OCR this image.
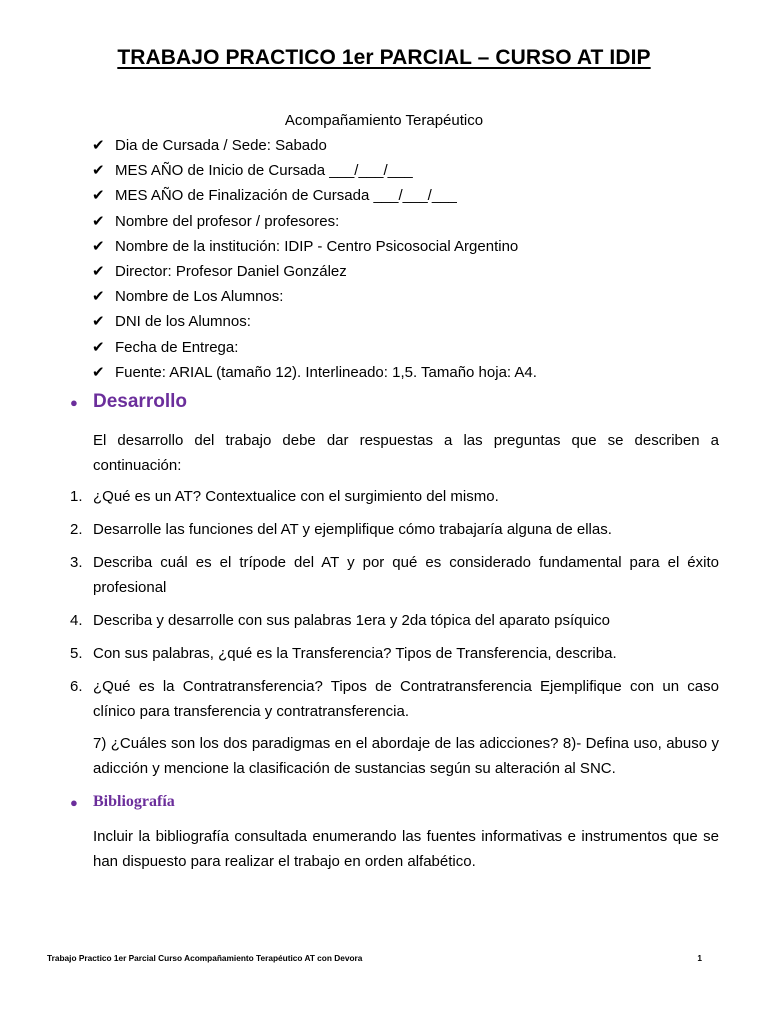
TRABAJO PRACTICO 1er PARCIAL – CURSO AT IDIP
Acompañamiento Terapéutico
✔ Dia de Cursada / Sede: Sabado
✔ MES AÑO de Inicio de Cursada ___/___/___
✔ MES AÑO de Finalización de Cursada ___/___/___
✔ Nombre del profesor / profesores:
✔ Nombre de la institución: IDIP - Centro Psicosocial Argentino
✔ Director: Profesor Daniel González
✔ Nombre de Los Alumnos:
✔ DNI de los Alumnos:
✔ Fecha de Entrega:
✔ Fuente: ARIAL (tamaño 12). Interlineado: 1,5. Tamaño hoja: A4.
● Desarrollo

El desarrollo del trabajo debe dar respuestas a las preguntas que se describen a continuación:

1. ¿Qué es un AT? Contextualice con el surgimiento del mismo.
2. Desarrolle las funciones del AT y ejemplifique cómo trabajaría alguna de ellas.
3. Describa cuál es el trípode del AT y por qué es considerado fundamental para el éxito profesional
4. Describa y desarrolle con sus palabras 1era y 2da tópica del aparato psíquico
5. Con sus palabras, ¿qué es la Transferencia? Tipos de Transferencia, describa.
6. ¿Qué es la Contratransferencia? Tipos de Contratransferencia Ejemplifique con un caso clínico para transferencia y contratransferencia.

7) ¿Cuáles son los dos paradigmas en el abordaje de las adicciones? 8)- Defina uso, abuso y adicción y mencione la clasificación de sustancias según su alteración al SNC.

● Bibliografía

Incluir la bibliografía consultada enumerando las fuentes informativas e instrumentos que se han dispuesto para realizar el trabajo en orden alfabético.

Trabajo Practico 1er Parcial Curso Acompañamiento Terapéutico AT con Devora	1
